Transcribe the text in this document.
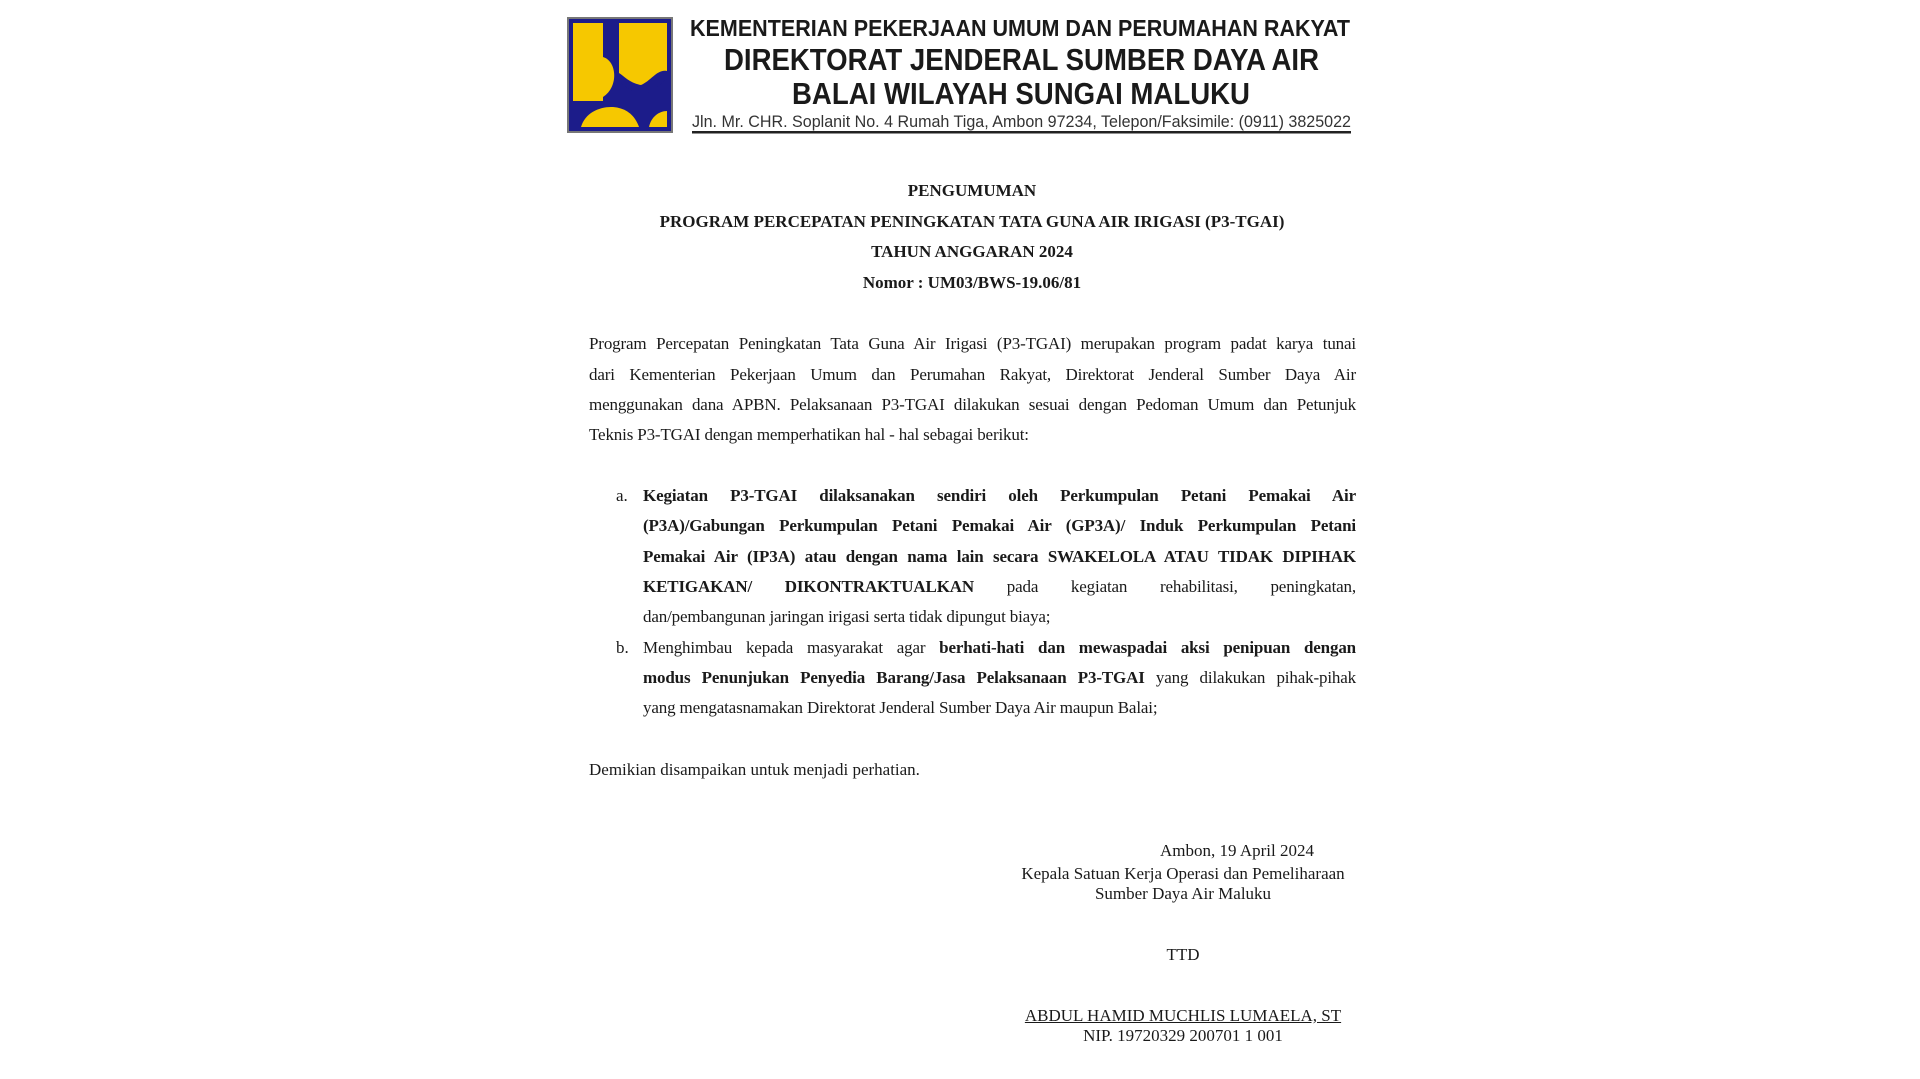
KEMENTERIAN PEKERJAAN UMUM DAN PERUMAHAN RAKYAT
DIREKTORAT JENDERAL SUMBER DAYA AIR
BALAI WILAYAH SUNGAI MALUKU
Jln. Mr. CHR. Soplanit No. 4 Rumah Tiga, Ambon 97234, Telepon/Faksimile: (0911) 3825022
PENGUMUMAN
PROGRAM PERCEPATAN PENINGKATAN TATA GUNA AIR IRIGASI (P3-TGAI)
TAHUN ANGGARAN 2024
Nomor : UM03/BWS-19.06/81
Program Percepatan Peningkatan Tata Guna Air Irigasi (P3-TGAI) merupakan program padat karya tunai
dari Kementerian Pekerjaan Umum dan Perumahan Rakyat, Direktorat Jenderal Sumber Daya Air
menggunakan dana APBN. Pelaksanaan P3-TGAI dilakukan sesuai dengan Pedoman Umum dan Petunjuk
Teknis P3-TGAI dengan memperhatikan hal - hal sebagai berikut:
a. Kegiatan P3-TGAI dilaksanakan sendiri oleh Perkumpulan Petani Pemakai Air
(P3A)/Gabungan Perkumpulan Petani Pemakai Air (GP3A)/ Induk Perkumpulan Petani
Pemakai Air (IP3A) atau dengan nama lain secara SWAKELOLA ATAU TIDAK DIPIHAK
KETIGAKAN/ DIKONTRAKTUALKAN pada kegiatan rehabilitasi, peningkatan,
dan/pembangunan jaringan irigasi serta tidak dipungut biaya;
b. Menghimbau kepada masyarakat agar berhati-hati dan mewaspadai aksi penipuan dengan
modus Penunjukan Penyedia Barang/Jasa Pelaksanaan P3-TGAI yang dilakukan pihak-pihak
yang mengatasnamakan Direktorat Jenderal Sumber Daya Air maupun Balai;
Demikian disampaikan untuk menjadi perhatian.
Ambon, 19 April 2024
Kepala Satuan Kerja Operasi dan Pemeliharaan
Sumber Daya Air Maluku
TTD
ABDUL HAMID MUCHLIS LUMAELA, ST
NIP. 19720329 200701 1 001
